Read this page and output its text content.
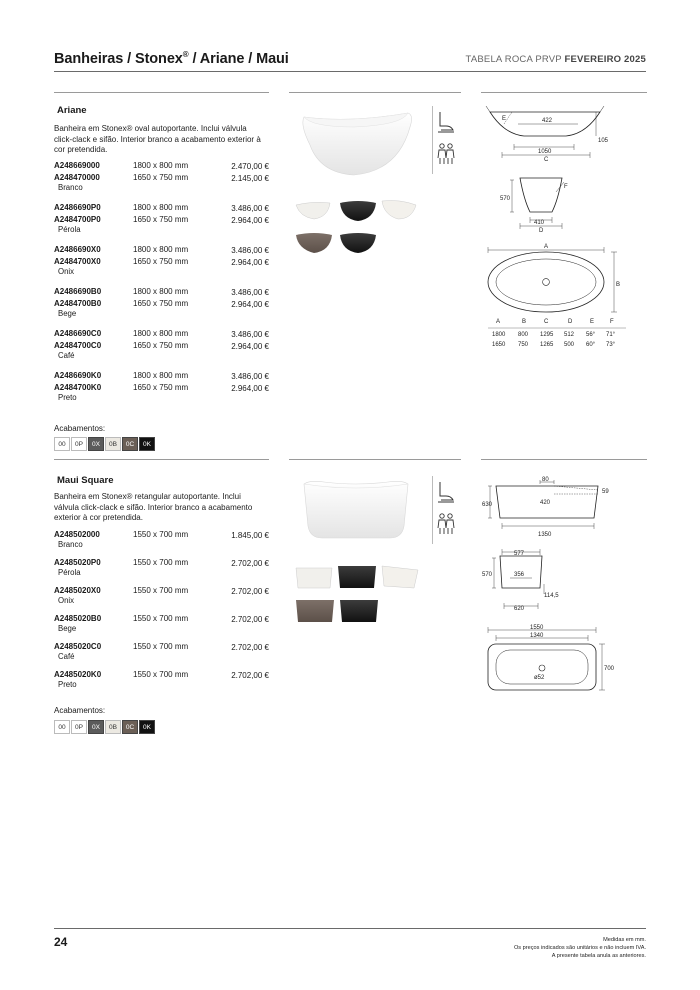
Banheiras / Stonex® / Ariane / Maui	TABELA ROCA PRVP FEVEREIRO 2025
Ariane
Banheira em Stonex® oval autoportante. Inclui válvula click-clack e sifão. Interior branco a acabamento exterior à cor pretendida.
A248669000	1800 x 800 mm	2.470,00 €
A248470000	1650 x 750 mm	2.145,00 €
Branco
A2486690P0	1800 x 800 mm	3.486,00 €
A2484700P0	1650 x 750 mm	2.964,00 €
Pérola
A2486690X0	1800 x 800 mm	3.486,00 €
A2484700X0	1650 x 750 mm	2.964,00 €
Onix
A2486690B0	1800 x 800 mm	3.486,00 €
A2484700B0	1650 x 750 mm	2.964,00 €
Bege
A2486690C0	1800 x 800 mm	3.486,00 €
A2484700C0	1650 x 750 mm	2.964,00 €
Café
A2486690K0	1800 x 800 mm	3.486,00 €
A2484700K0	1650 x 750 mm	2.964,00 €
Preto
Acabamentos:
00	0P	0X	0B	0C	0K
E	422
105
1050
C
570
F
410
D
A
B
A	B	C	D	E	F
1800 800 1295 512 56° 71°
1650 750 1265 500 60° 73°
Maui Square
Banheira em Stonex® retangular autoportante. Inclui válvula click-clack e sifão. Interior branco a acabamento exterior à cor pretendida.
A248502000	1550 x 700 mm	1.845,00 €
Branco
A2485020P0	1550 x 700 mm	2.702,00 €
Pérola
A2485020X0	1550 x 700 mm	2.702,00 €
Onix
A2485020B0	1550 x 700 mm	2.702,00 €
Bege
A2485020C0	1550 x 700 mm	2.702,00 €
Café
A2485020K0	1550 x 700 mm	2.702,00 €
Preto
Acabamentos:
00	0P	0X	0B	0C	0K
80
59
420
630
1350
577
570	356
114,5
620
1550
1340
700
ø52
24	Medidas em mm.
Os preços indicados são unitários e não incluem IVA.
A presente tabela anula as anteriores.
